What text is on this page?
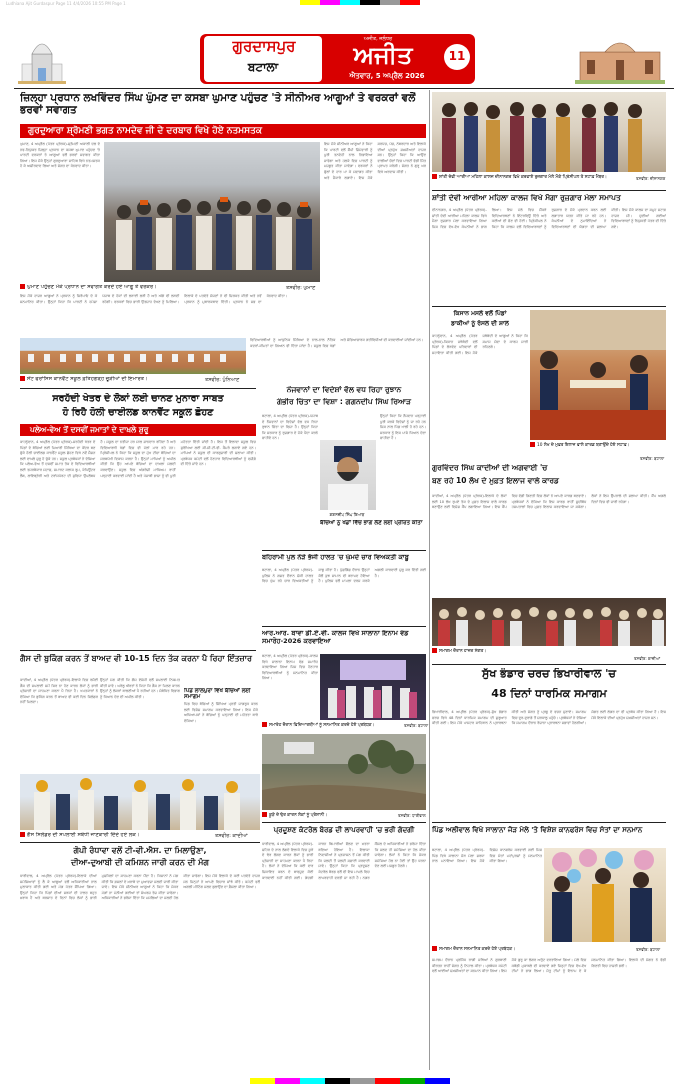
Ludhiana Ajit Gurdaspur Page 11 4/4/2026 10:55 PM Page 1
ਗੁਰਦਾਸਪੁਰ
ਬਟਾਲਾ
ਅਜੀਤ, ਜਲੰਧਰ
ਅਜੀਤ
ਐਤਵਾਰ, 5 ਅਪ੍ਰੈਲ 2026
11
ਜ਼ਿਲ੍ਹਾ ਪ੍ਰਧਾਨ ਲਖਵਿੰਦਰ ਸਿੰਘ ਘੁੰਮਣ ਦਾ ਕਸਬਾ ਘੁਮਾਣ ਪਹੁੰਚਣ 'ਤੇ ਸੀਨੀਅਰ ਆਗੂਆਂ ਤੇ ਵਰਕਰਾਂ ਵਲੋਂ ਭਰਵਾਂ ਸਵਾਗਤ
ਗੁਰਦੁਆਰਾ ਸ਼੍ਰੋਮਣੀ ਭਗਤ ਨਾਮਦੇਵ ਜੀ ਦੇ ਦਰਬਾਰ ਵਿਖੇ ਹੋਏ ਨਤਮਸਤਕ
ਘੁਮਾਣ, 4 ਅਪ੍ਰੈਲ (ਪੱਤਰ ਪ੍ਰੇਰਕ)-ਸ਼੍ਰੋਮਣੀ ਅਕਾਲੀ ਦਲ ਦੇ ਨਵ-ਨਿਯੁਕਤ ਜ਼ਿਲ੍ਹਾ ਪ੍ਰਧਾਨ ਦਾ ਕਸਬਾ ਘੁਮਾਣ ਪਹੁੰਚਣ 'ਤੇ ਪਾਰਟੀ ਵਰਕਰਾਂ ਤੇ ਆਗੂਆਂ ਵਲੋਂ ਭਰਵਾਂ ਸਵਾਗਤ ਕੀਤਾ ਗਿਆ। ਇਸ ਮੌਕੇ ਉਨ੍ਹਾਂ ਗੁਰਦੁਆਰਾ ਸਾਹਿਬ ਵਿਖੇ ਨਤਮਸਤਕ ਹੋ ਕੇ ਅਸ਼ੀਰਵਾਦ ਲਿਆ ਅਤੇ ਸੰਗਤ ਦਾ ਧੰਨਵਾਦ ਕੀਤਾ।
ਇਸ ਮੌਕੇ ਸੀਨੀਅਰ ਆਗੂਆਂ ਨੇ ਕਿਹਾ ਕਿ ਪਾਰਟੀ ਵਲੋਂ ਸੌਂਪੀ ਜ਼ਿੰਮੇਵਾਰੀ ਨੂੰ ਪੂਰੀ ਤਨਦੇਹੀ ਨਾਲ ਨਿਭਾਇਆ ਜਾਵੇਗਾ ਅਤੇ ਹਲਕੇ ਵਿਚ ਪਾਰਟੀ ਨੂੰ ਮਜ਼ਬੂਤ ਕੀਤਾ ਜਾਵੇਗਾ। ਵਰਕਰਾਂ ਨੇ ਫੁੱਲਾਂ ਦੇ ਹਾਰ ਪਾ ਕੇ ਸਵਾਗਤ ਕੀਤਾ ਅਤੇ ਜੈਕਾਰੇ ਲਗਾਏ। ਇਸ ਮੌਕੇ ਸਰਪੰਚ, ਪੰਚ, ਨੰਬਰਦਾਰ ਅਤੇ ਇਲਾਕੇ ਦੀਆਂ ਪ੍ਰਮੁੱਖ ਸ਼ਖ਼ਸੀਅਤਾਂ ਹਾਜ਼ਰ ਸਨ। ਉਨ੍ਹਾਂ ਕਿਹਾ ਕਿ ਆਉਣ ਵਾਲੀਆਂ ਚੋਣਾਂ ਵਿਚ ਪਾਰਟੀ ਵੱਡੀ ਜਿੱਤ ਪ੍ਰਾਪਤ ਕਰੇਗੀ। ਸੰਗਤ ਨੇ ਗੁਰੂ ਘਰ ਵਿਖੇ ਅਰਦਾਸ ਕੀਤੀ।
ਘੁਮਾਣ ਪਹੁੰਚਣ ਮੌਕੇ ਪ੍ਰਧਾਨ ਦਾ ਸਵਾਗਤ ਕਰਦੇ ਹੋਏ ਆਗੂ ਤੇ ਵਰਕਰ।	ਤਸਵੀਰ: ਘੁਮਾਣ
ਇਸ ਮੌਕੇ ਹਾਜ਼ਰ ਆਗੂਆਂ ਨੇ ਪ੍ਰਧਾਨ ਨੂੰ ਸਿਰੋਪਾਓ ਦੇ ਕੇ ਸਨਮਾਨਿਤ ਕੀਤਾ। ਉਨ੍ਹਾਂ ਕਿਹਾ ਕਿ ਪਾਰਟੀ ਨੇ ਹਮੇਸ਼ਾ ਪੰਜਾਬ ਦੇ ਹੱਕਾਂ ਦੀ ਲੜਾਈ ਲੜੀ ਹੈ ਅਤੇ ਅੱਗੇ ਵੀ ਲੜਦੀ ਰਹੇਗੀ। ਵਰਕਰਾਂ ਵਿਚ ਭਾਰੀ ਉਤਸ਼ਾਹ ਦੇਖਣ ਨੂੰ ਮਿਲਿਆ। ਇਲਾਕੇ ਦੇ ਪਤਵੰਤੇ ਸੱਜਣਾਂ ਨੇ ਵੀ ਸ਼ਿਰਕਤ ਕੀਤੀ ਅਤੇ ਨਵੇਂ ਪ੍ਰਧਾਨ ਨੂੰ ਮੁਬਾਰਕਬਾਦ ਦਿੱਤੀ। ਪ੍ਰਧਾਨ ਨੇ ਸਭ ਦਾ ਧੰਨਵਾਦ ਕੀਤਾ।
ਵਿਦਿਆਰਥੀਆਂ ਨੂੰ ਆਧੁਨਿਕ ਸਿੱਖਿਆ ਦੇ ਨਾਲ-ਨਾਲ ਨੈਤਿਕ ਕਦਰਾਂ-ਕੀਮਤਾਂ ਦਾ ਗਿਆਨ ਵੀ ਦਿੱਤਾ ਜਾਂਦਾ ਹੈ। ਸਕੂਲ ਵਿਚ ਖੇਡਾਂ ਅਤੇ ਸੱਭਿਆਚਾਰਕ ਗਤੀਵਿਧੀਆਂ ਵੀ ਕਰਵਾਈਆਂ ਜਾਂਦੀਆਂ ਹਨ।
ਸੇਂਟ ਫਰਾਂਸਿਸ ਕਾਨਵੈਂਟ ਸਕੂਲ ਫ਼ਤਿਹਗੜ੍ਹ ਚੂੜੀਆਂ ਦੀ ਇਮਾਰਤ।	ਤਸਵੀਰ: ਪੁੰਨਿਆਣ
ਸਰਹੱਦੀ ਖੇਤਰ ਦੇ ਲੋਕਾਂ ਲਈ ਚਾਨਣ ਮੁਨਾਰਾ ਸਾਬਤ
ਹੋ ਰਿਹੈ ਹੋਲੀ ਚਾਈਲਡ ਕਾਨਵੈਂਟ ਸਕੂਲ ਛੋਹਣ
ਪਲੇਅ-ਵੇਅ ਤੋਂ ਦਸਵੀਂ ਜਮਾਤਾਂ ਦੇ ਦਾਖ਼ਲੇ ਸ਼ੁਰੂ
ਕਾਹਨੂੰਵਾਨ, 4 ਅਪ੍ਰੈਲ (ਪੱਤਰ ਪ੍ਰੇਰਕ)-ਸਰਹੱਦੀ ਖੇਤਰ ਦੇ ਪਿੰਡਾਂ ਦੇ ਬੱਚਿਆਂ ਲਈ ਮਿਆਰੀ ਸਿੱਖਿਆ ਦਾ ਕੇਂਦਰ ਬਣ ਚੁੱਕੇ ਹੋਲੀ ਚਾਈਲਡ ਕਾਨਵੈਂਟ ਸਕੂਲ ਛੋਹਣ ਵਿਖੇ ਨਵੇਂ ਸੈਸ਼ਨ ਲਈ ਦਾਖ਼ਲੇ ਸ਼ੁਰੂ ਹੋ ਚੁੱਕੇ ਹਨ। ਸਕੂਲ ਪ੍ਰਬੰਧਕਾਂ ਨੇ ਦੱਸਿਆ ਕਿ ਪਲੇਅ-ਵੇਅ ਤੋਂ ਦਸਵੀਂ ਜਮਾਤ ਤੱਕ ਦੇ ਵਿਦਿਆਰਥੀਆਂ ਲਈ ਤਜਰਬੇਕਾਰ ਸਟਾਫ਼, ਸਮਾਰਟ ਕਲਾਸ ਰੂਮ, ਕੰਪਿਊਟਰ ਲੈਬ, ਲਾਇਬ੍ਰੇਰੀ ਅਤੇ ਟਰਾਂਸਪੋਰਟ ਦੀ ਸੁਵਿਧਾ ਉਪਲੱਬਧ ਹੈ। ਸਕੂਲ ਦਾ ਨਤੀਜਾ ਹਰ ਸਾਲ ਸ਼ਾਨਦਾਰ ਰਹਿੰਦਾ ਹੈ ਅਤੇ ਵਿਦਿਆਰਥੀ ਖੇਡਾਂ ਵਿਚ ਵੀ ਮੱਲਾਂ ਮਾਰ ਰਹੇ ਹਨ। ਪ੍ਰਿੰਸੀਪਲ ਨੇ ਕਿਹਾ ਕਿ ਸਕੂਲ ਦਾ ਮੁੱਖ ਟੀਚਾ ਬੱਚਿਆਂ ਦਾ ਸਰਬਪੱਖੀ ਵਿਕਾਸ ਕਰਨਾ ਹੈ। ਉਨ੍ਹਾਂ ਮਾਪਿਆਂ ਨੂੰ ਅਪੀਲ ਕੀਤੀ ਕਿ ਉਹ ਆਪਣੇ ਬੱਚਿਆਂ ਦਾ ਦਾਖ਼ਲਾ ਜਲਦੀ ਕਰਵਾਉਣ। ਸਕੂਲ ਵਿਚ ਅੰਗਰੇਜ਼ੀ ਮਾਧਿਅਮ ਰਾਹੀਂ ਪੜ੍ਹਾਈ ਕਰਵਾਈ ਜਾਂਦੀ ਹੈ ਅਤੇ ਪੰਜਾਬੀ ਭਾਸ਼ਾ ਨੂੰ ਵੀ ਪੂਰੀ ਮਹੱਤਤਾ ਦਿੱਤੀ ਜਾਂਦੀ ਹੈ। ਇਸ ਤੋਂ ਇਲਾਵਾ ਸਕੂਲ ਵਿਚ ਸੁਰੱਖਿਆ ਲਈ ਸੀ.ਸੀ.ਟੀ.ਵੀ. ਕੈਮਰੇ ਲਗਾਏ ਗਏ ਹਨ। ਮਾਪਿਆਂ ਨੇ ਸਕੂਲ ਦੀ ਕਾਰਗੁਜ਼ਾਰੀ ਦੀ ਸ਼ਲਾਘਾ ਕੀਤੀ। ਪ੍ਰਬੰਧਕ ਕਮੇਟੀ ਵਲੋਂ ਹੋਣਹਾਰ ਵਿਦਿਆਰਥੀਆਂ ਨੂੰ ਵਜ਼ੀਫ਼ੇ ਵੀ ਦਿੱਤੇ ਜਾਂਦੇ ਹਨ।
ਗੈਸ ਦੀ ਬੁਕਿੰਗ ਕਰਨ ਤੋਂ ਬਾਅਦ ਵੀ 10-15 ਦਿਨ ਤੱਕ ਕਰਨਾ ਪੈ ਰਿਹਾ ਇੰਤਜ਼ਾਰ
ਕਾਦੀਆਂ, 4 ਅਪ੍ਰੈਲ (ਪੱਤਰ ਪ੍ਰੇਰਕ)-ਇਲਾਕੇ ਵਿਚ ਰਸੋਈ ਗੈਸ ਦੀ ਸਪਲਾਈ ਸਮੇਂ ਸਿਰ ਨਾ ਹੋਣ ਕਾਰਨ ਲੋਕਾਂ ਨੂੰ ਭਾਰੀ ਪ੍ਰੇਸ਼ਾਨੀ ਦਾ ਸਾਹਮਣਾ ਕਰਨਾ ਪੈ ਰਿਹਾ ਹੈ। ਖਪਤਕਾਰਾਂ ਨੇ ਦੱਸਿਆ ਕਿ ਬੁਕਿੰਗ ਕਰਨ ਤੋਂ ਬਾਅਦ ਵੀ ਕਈ ਦਿਨ ਸਿਲੰਡਰ ਨਹੀਂ ਮਿਲਦਾ।
ਉਨ੍ਹਾਂ ਮੰਗ ਕੀਤੀ ਕਿ ਗੈਸ ਏਜੰਸੀ ਵਲੋਂ ਸਪਲਾਈ ਨਿਯਮਤ ਕੀਤੀ ਜਾਵੇ। ਘਰੇਲੂ ਔਰਤਾਂ ਨੇ ਕਿਹਾ ਕਿ ਗੈਸ ਨਾ ਮਿਲਣ ਕਾਰਨ ਉਨ੍ਹਾਂ ਨੂੰ ਲੱਕੜਾਂ ਬਾਲਣੀਆਂ ਪੈ ਰਹੀਆਂ ਹਨ। ਸੰਬੰਧਿਤ ਵਿਭਾਗ ਨੂੰ ਧਿਆਨ ਦੇਣ ਦੀ ਅਪੀਲ ਕੀਤੀ।
ਪਿੰਡ ਲਾਲਪੁਰਾ ਵਿਖੇ ਬੱਚਿਆਂ ਲਈ ਸਮਾਗਮ
ਪਿੰਡ ਵਿਚ ਬੱਚਿਆਂ ਨੂੰ ਸਿੱਖਿਆ ਪ੍ਰਤੀ ਜਾਗਰੂਕ ਕਰਨ ਲਈ ਵਿਸ਼ੇਸ਼ ਸਮਾਗਮ ਕਰਵਾਇਆ ਗਿਆ। ਇਸ ਮੌਕੇ ਅਧਿਆਪਕਾਂ ਨੇ ਬੱਚਿਆਂ ਨੂੰ ਪੜ੍ਹਾਈ ਦੀ ਮਹੱਤਤਾ ਬਾਰੇ ਦੱਸਿਆ।
ਗੈਸ ਸਿਲੰਡਰ ਦੀ ਸਪਲਾਈ ਸਬੰਧੀ ਜਾਣਕਾਰੀ ਦਿੰਦੇ ਹੋਏ ਲੋਕ।	ਤਸਵੀਰ: ਕਾਦੀਆਂ
ਗੋਪੀ ਰੰਧਾਵਾ ਵਲੋਂ ਟੀ-ਵੀ.ਐਸ. ਦਾ ਮਿਲਾਉਣਾ,
ਦੀਆ-ਦੁਆਬੀ ਦੀ ਕਮਿਸ਼ਨ ਜਾਰੀ ਕਰਨ ਦੀ ਮੰਗ
ਧਾਰੀਵਾਲ, 4 ਅਪ੍ਰੈਲ (ਪੱਤਰ ਪ੍ਰੇਰਕ)-ਇਲਾਕੇ ਦੀਆਂ ਸਮੱਸਿਆਵਾਂ ਨੂੰ ਲੈ ਕੇ ਆਗੂਆਂ ਵਲੋਂ ਅਧਿਕਾਰੀਆਂ ਨਾਲ ਮੁਲਾਕਾਤ ਕੀਤੀ ਗਈ ਅਤੇ ਮੰਗ ਪੱਤਰ ਸੌਂਪਿਆ ਗਿਆ। ਉਨ੍ਹਾਂ ਕਿਹਾ ਕਿ ਪਿੰਡਾਂ ਦੀਆਂ ਸੜਕਾਂ ਦੀ ਹਾਲਤ ਬਹੁਤ ਖ਼ਰਾਬ ਹੈ ਅਤੇ ਬਰਸਾਤ ਦੇ ਦਿਨਾਂ ਵਿਚ ਲੋਕਾਂ ਨੂੰ ਭਾਰੀ ਮੁਸ਼ਕਿਲਾਂ ਦਾ ਸਾਹਮਣਾ ਕਰਨਾ ਪੈਂਦਾ ਹੈ। ਕਿਸਾਨਾਂ ਨੇ ਮੰਗ ਕੀਤੀ ਕਿ ਫ਼ਸਲਾਂ ਦੇ ਖ਼ਰਾਬੇ ਦਾ ਮੁਆਵਜ਼ਾ ਜਲਦੀ ਜਾਰੀ ਕੀਤਾ ਜਾਵੇ। ਇਸ ਮੌਕੇ ਸੀਨੀਅਰ ਆਗੂਆਂ ਨੇ ਕਿਹਾ ਕਿ ਜੇਕਰ ਮੰਗਾਂ ਨਾ ਮੰਨੀਆਂ ਗਈਆਂ ਤਾਂ ਸੰਘਰਸ਼ ਤੇਜ਼ ਕੀਤਾ ਜਾਵੇਗਾ। ਅਧਿਕਾਰੀਆਂ ਨੇ ਭਰੋਸਾ ਦਿੱਤਾ ਕਿ ਮਸਲਿਆਂ ਦਾ ਜਲਦੀ ਹੱਲ ਕੀਤਾ ਜਾਵੇਗਾ। ਇਸ ਮੌਕੇ ਇਲਾਕੇ ਦੇ ਕਈ ਪਤਵੰਤੇ ਹਾਜ਼ਰ ਸਨ ਜਿਨ੍ਹਾਂ ਨੇ ਆਪਣੇ ਵਿਚਾਰ ਸਾਂਝੇ ਕੀਤੇ। ਕਮੇਟੀ ਵਲੋਂ ਅਗਲੀ ਮੀਟਿੰਗ ਜਲਦ ਬੁਲਾਉਣ ਦਾ ਫ਼ੈਸਲਾ ਕੀਤਾ ਗਿਆ।
ਨੌਜਵਾਨਾਂ ਦਾ ਵਿਦੇਸ਼ਾਂ ਵੱਲ ਵਧ ਰਿਹਾ ਰੁਝਾਨ
ਗੰਭੀਰ ਚਿੰਤਾ ਦਾ ਵਿਸ਼ਾ : ਗਗਨਦੀਪ ਸਿੰਘ ਰਿਆੜ
ਬਟਾਲਾ, 4 ਅਪ੍ਰੈਲ (ਪੱਤਰ ਪ੍ਰੇਰਕ)-ਪੰਜਾਬ ਦੇ ਨੌਜਵਾਨਾਂ ਦਾ ਵਿਦੇਸ਼ਾਂ ਵੱਲ ਵਧ ਰਿਹਾ ਰੁਝਾਨ ਚਿੰਤਾ ਦਾ ਵਿਸ਼ਾ ਹੈ। ਉਨ੍ਹਾਂ ਕਿਹਾ ਕਿ ਸਰਕਾਰ ਨੂੰ ਰੁਜ਼ਗਾਰ ਦੇ ਮੌਕੇ ਪੈਦਾ ਕਰਨੇ ਚਾਹੀਦੇ ਹਨ।
ਗਗਨਦੀਪ ਸਿੰਘ ਰਿਆੜ
ਉਨ੍ਹਾਂ ਕਿਹਾ ਕਿ ਨੌਜਵਾਨ ਪੜ੍ਹਾਈ ਪੂਰੀ ਕਰਕੇ ਵਿਦੇਸ਼ਾਂ ਨੂੰ ਜਾ ਰਹੇ ਹਨ ਜਿਸ ਨਾਲ ਪਿੰਡ ਖਾਲੀ ਹੋ ਰਹੇ ਹਨ। ਸਰਕਾਰ ਨੂੰ ਇਸ ਪਾਸੇ ਧਿਆਨ ਦੇਣਾ ਚਾਹੀਦਾ ਹੈ।
ਬੱਚਿਆਂ ਨੂੰ ਖੇਡਾਂ ਵਿੱਚ ਭਾਗ ਲੈਣ ਲਈ ਪ੍ਰੇਰਿਤ ਕੀਤਾ
ਬਹਿਰਾਮੀ ਪੁਲ ਨੇੜੇ ਭੱਜੀ ਹਾਲਤ 'ਚ ਘੁੰਮਦੇ ਚਾਰ ਵਿਅਕਤੀ ਕਾਬੂ
ਬਟਾਲਾ, 4 ਅਪ੍ਰੈਲ (ਪੱਤਰ ਪ੍ਰੇਰਕ)-ਪੁਲਿਸ ਨੇ ਗਸ਼ਤ ਦੌਰਾਨ ਸ਼ੱਕੀ ਹਾਲਤ ਵਿਚ ਘੁੰਮ ਰਹੇ ਚਾਰ ਵਿਅਕਤੀਆਂ ਨੂੰ ਕਾਬੂ ਕੀਤਾ ਹੈ। ਪੁੱਛਗਿੱਛ ਦੌਰਾਨ ਉਨ੍ਹਾਂ ਕੋਲੋਂ ਕੁਝ ਸਾਮਾਨ ਵੀ ਬਰਾਮਦ ਹੋਇਆ ਹੈ। ਪੁਲਿਸ ਵਲੋਂ ਮਾਮਲਾ ਦਰਜ ਕਰਕੇ ਅਗਲੀ ਕਾਰਵਾਈ ਸ਼ੁਰੂ ਕਰ ਦਿੱਤੀ ਗਈ ਹੈ।
ਆਰ.ਆਰ. ਬਾਵਾ ਡੀ.ਏ.ਵੀ. ਕਾਲਜ ਵਿਖੇ ਸਾਲਾਨਾ ਇਨਾਮ ਵੰਡ ਸਮਾਰੋਹ-2026 ਕਰਵਾਇਆ
ਬਟਾਲਾ, 4 ਅਪ੍ਰੈਲ (ਪੱਤਰ ਪ੍ਰੇਰਕ)-ਕਾਲਜ ਵਿਖੇ ਸਾਲਾਨਾ ਇਨਾਮ ਵੰਡ ਸਮਾਰੋਹ ਕਰਵਾਇਆ ਗਿਆ ਜਿਸ ਵਿਚ ਹੋਣਹਾਰ ਵਿਦਿਆਰਥੀਆਂ ਨੂੰ ਸਨਮਾਨਿਤ ਕੀਤਾ ਗਿਆ।
ਸਮਾਰੋਹ ਦੌਰਾਨ ਵਿਦਿਆਰਥੀਆਂ ਨੂੰ ਸਨਮਾਨਿਤ ਕਰਦੇ ਹੋਏ ਪ੍ਰਬੰਧਕ।	ਤਸਵੀਰ: ਬਟਾਲਾ
ਕੂੜੇ ਦੇ ਢੇਰ ਕਾਰਨ ਲੋਕਾਂ ਨੂੰ ਪ੍ਰੇਸ਼ਾਨੀ।	ਤਸਵੀਰ: ਧਾਰੀਵਾਲ
ਪ੍ਰਦੂਸ਼ਣ ਕੰਟਰੋਲ ਬੋਰਡ ਦੀ ਲਾਪਰਵਾਹੀ 'ਚ ਭਰੀ ਗੰਦਗੀ
ਧਾਰੀਵਾਲ, 4 ਅਪ੍ਰੈਲ (ਪੱਤਰ ਪ੍ਰੇਰਕ)-ਸ਼ਹਿਰ ਦੇ ਨਾਲ ਲੱਗਦੇ ਇਲਾਕੇ ਵਿਚ ਕੂੜੇ ਦੇ ਢੇਰ ਲੱਗਣ ਕਾਰਨ ਲੋਕਾਂ ਨੂੰ ਭਾਰੀ ਪ੍ਰੇਸ਼ਾਨੀ ਦਾ ਸਾਹਮਣਾ ਕਰਨਾ ਪੈ ਰਿਹਾ ਹੈ। ਲੋਕਾਂ ਨੇ ਦੱਸਿਆ ਕਿ ਕਈ ਵਾਰ ਸ਼ਿਕਾਇਤ ਕਰਨ ਦੇ ਬਾਵਜੂਦ ਕੋਈ ਕਾਰਵਾਈ ਨਹੀਂ ਕੀਤੀ ਗਈ। ਗੰਦਗੀ ਕਾਰਨ ਬਿਮਾਰੀਆਂ ਫੈਲਣ ਦਾ ਖ਼ਤਰਾ ਬਣਿਆ ਹੋਇਆ ਹੈ। ਇਲਾਕਾ ਨਿਵਾਸੀਆਂ ਨੇ ਪ੍ਰਸ਼ਾਸਨ ਤੋਂ ਮੰਗ ਕੀਤੀ ਕਿ ਜਲਦੀ ਤੋਂ ਜਲਦੀ ਸਫ਼ਾਈ ਕਰਵਾਈ ਜਾਵੇ। ਉਨ੍ਹਾਂ ਕਿਹਾ ਕਿ ਪ੍ਰਦੂਸ਼ਣ ਕੰਟਰੋਲ ਬੋਰਡ ਵਲੋਂ ਵੀ ਇਸ ਮਾਮਲੇ ਵਿਚ ਲਾਪਰਵਾਹੀ ਵਰਤੀ ਜਾ ਰਹੀ ਹੈ। ਨਗਰ ਕੌਂਸਲ ਦੇ ਅਧਿਕਾਰੀਆਂ ਨੇ ਭਰੋਸਾ ਦਿੱਤਾ ਕਿ ਜਲਦ ਹੀ ਸਮੱਸਿਆ ਦਾ ਹੱਲ ਕੀਤਾ ਜਾਵੇਗਾ। ਲੋਕਾਂ ਨੇ ਕਿਹਾ ਕਿ ਜੇਕਰ ਸਮੱਸਿਆ ਹੱਲ ਨਾ ਹੋਈ ਤਾਂ ਉਹ ਧਰਨਾ ਦੇਣ ਲਈ ਮਜਬੂਰ ਹੋਣਗੇ।
ਸ਼ਾਂਤੀ ਦੇਵੀ ਆਰੀਆ ਮਹਿਲਾ ਕਾਲਜ ਦੀਨਾਨਗਰ ਵਿਖੇ ਕਰਵਾਏ ਰੁਜ਼ਗਾਰ ਮੇਲੇ ਮੌਕੇ ਪ੍ਰਿੰਸੀਪਲ ਤੇ ਸਟਾਫ਼ ਮੈਂਬਰ।	ਤਸਵੀਰ: ਦੀਨਾਨਗਰ
ਸ਼ਾਂਤੀ ਦੇਵੀ ਆਰੀਆ ਮਹਿਲਾ ਕਾਲਜ ਵਿਖੇ ਮੈਗਾ ਰੁਜ਼ਗਾਰ ਮੇਲਾ ਸਮਾਪਤ
ਦੀਨਾਨਗਰ, 4 ਅਪ੍ਰੈਲ (ਪੱਤਰ ਪ੍ਰੇਰਕ)-ਸ਼ਾਂਤੀ ਦੇਵੀ ਆਰੀਆ ਮਹਿਲਾ ਕਾਲਜ ਵਿਖੇ ਮੈਗਾ ਰੁਜ਼ਗਾਰ ਮੇਲਾ ਕਰਵਾਇਆ ਗਿਆ ਜਿਸ ਵਿਚ ਵੱਖ-ਵੱਖ ਕੰਪਨੀਆਂ ਨੇ ਭਾਗ ਲਿਆ। ਇਸ ਮੇਲੇ ਵਿਚ ਸੈਂਕੜੇ ਵਿਦਿਆਰਥਣਾਂ ਨੇ ਇੰਟਰਵਿਊ ਦਿੱਤੇ ਅਤੇ ਕਈਆਂ ਦੀ ਚੋਣ ਵੀ ਹੋਈ। ਪ੍ਰਿੰਸੀਪਲ ਨੇ ਕਿਹਾ ਕਿ ਕਾਲਜ ਵਲੋਂ ਵਿਦਿਆਰਥਣਾਂ ਨੂੰ ਰੁਜ਼ਗਾਰ ਦੇ ਮੌਕੇ ਪ੍ਰਦਾਨ ਕਰਨ ਲਈ ਲਗਾਤਾਰ ਯਤਨ ਕੀਤੇ ਜਾ ਰਹੇ ਹਨ। ਕੰਪਨੀਆਂ ਦੇ ਨੁਮਾਇੰਦਿਆਂ ਨੇ ਵਿਦਿਆਰਥਣਾਂ ਦੀ ਯੋਗਤਾ ਦੀ ਸ਼ਲਾਘਾ ਕੀਤੀ। ਇਸ ਮੌਕੇ ਕਾਲਜ ਦਾ ਸਮੂਹ ਸਟਾਫ਼ ਹਾਜ਼ਰ ਸੀ। ਚੁਣੀਆਂ ਗਈਆਂ ਵਿਦਿਆਰਥਣਾਂ ਨੂੰ ਨਿਯੁਕਤੀ ਪੱਤਰ ਵੀ ਦਿੱਤੇ ਗਏ।
ਕਿਸਾਨ ਮਸਲੇ ਵਲੋਂ ਪਿੰਡਾਂ
ਡਾਕੀਆਂ ਨੂੰ ਰੋਸਲ ਦੀ ਸ਼ਾਲ
ਕਾਹਨੂੰਵਾਨ, 4 ਅਪ੍ਰੈਲ (ਪੱਤਰ ਪ੍ਰੇਰਕ)-ਕਿਸਾਨ ਜਥੇਬੰਦੀ ਵਲੋਂ ਪਿੰਡਾਂ ਦੇ ਲੋੜਵੰਦ ਪਰਿਵਾਰਾਂ ਦੀ ਸਹਾਇਤਾ ਕੀਤੀ ਗਈ। ਇਸ ਮੌਕੇ ਜਥੇਬੰਦੀ ਦੇ ਆਗੂਆਂ ਨੇ ਕਿਹਾ ਕਿ ਸਮਾਜ ਸੇਵਾ ਦੇ ਕਾਰਜ ਜਾਰੀ ਰਹਿਣਗੇ।
10 ਲੱਖ ਦੇ ਮੁਫ਼ਤ ਇਲਾਜ ਵਾਲੇ ਕਾਰਡ ਬਣਾਉਂਦੇ ਹੋਏ ਸਟਾਫ਼।
ਤਸਵੀਰ: ਬਟਾਲਾ
ਗੁਰਵਿੰਦਰ ਸਿੰਘ ਕਾਦੀਆਂ ਦੀ ਅਗਵਾਈ 'ਚ
ਬਣ ਰਹੇ 10 ਲੱਖ ਦੇ ਮੁਫ਼ਤ ਇਲਾਜ ਵਾਲੇ ਕਾਰਡ
ਕਾਦੀਆਂ, 4 ਅਪ੍ਰੈਲ (ਪੱਤਰ ਪ੍ਰੇਰਕ)-ਇਲਾਕੇ ਦੇ ਲੋਕਾਂ ਲਈ 10 ਲੱਖ ਰੁਪਏ ਤੱਕ ਦੇ ਮੁਫ਼ਤ ਇਲਾਜ ਵਾਲੇ ਕਾਰਡ ਬਣਾਉਣ ਲਈ ਵਿਸ਼ੇਸ਼ ਕੈਂਪ ਲਗਾਇਆ ਗਿਆ। ਇਸ ਕੈਂਪ ਵਿਚ ਵੱਡੀ ਗਿਣਤੀ ਵਿਚ ਲੋਕਾਂ ਨੇ ਆਪਣੇ ਕਾਰਡ ਬਣਵਾਏ। ਪ੍ਰਬੰਧਕਾਂ ਨੇ ਦੱਸਿਆ ਕਿ ਇਸ ਕਾਰਡ ਰਾਹੀਂ ਸੂਚੀਬੱਧ ਹਸਪਤਾਲਾਂ ਵਿਚ ਮੁਫ਼ਤ ਇਲਾਜ ਕਰਵਾਇਆ ਜਾ ਸਕੇਗਾ। ਲੋਕਾਂ ਨੇ ਇਸ ਉਪਰਾਲੇ ਦੀ ਸ਼ਲਾਘਾ ਕੀਤੀ। ਕੈਂਪ ਅਗਲੇ ਦਿਨਾਂ ਵਿਚ ਵੀ ਜਾਰੀ ਰਹੇਗਾ।
ਸਮਾਗਮ ਦੌਰਾਨ ਹਾਜ਼ਰ ਸੰਗਤ।
ਤਸਵੀਰ: ਕਾਦੀਆਂ
ਸੁੱਖ ਭੰਡਾਰ ਚਰਚ ਭਿਖਾਰੀਵਾਲ 'ਚ
48 ਦਿਨਾਂ ਧਾਰਮਿਕ ਸਮਾਗਮ
ਭਿਖਾਰੀਵਾਲ, 4 ਅਪ੍ਰੈਲ (ਪੱਤਰ ਪ੍ਰੇਰਕ)-ਸੁੱਖ ਭੰਡਾਰ ਚਰਚ ਵਿਖੇ 48 ਦਿਨਾਂ ਧਾਰਮਿਕ ਸਮਾਗਮ ਦੀ ਸ਼ੁਰੂਆਤ ਕੀਤੀ ਗਈ। ਇਸ ਮੌਕੇ ਪਾਸਟਰ ਸਾਹਿਬਾਨ ਨੇ ਪ੍ਰਾਰਥਨਾ ਕੀਤੀ ਅਤੇ ਸੰਗਤ ਨੂੰ ਪ੍ਰਭੂ ਦੇ ਵਚਨ ਸੁਣਾਏ। ਸਮਾਗਮ ਵਿਚ ਦੂਰ-ਦੁਰਾਡੇ ਤੋਂ ਸ਼ਰਧਾਲੂ ਪਹੁੰਚੇ। ਪ੍ਰਬੰਧਕਾਂ ਨੇ ਦੱਸਿਆ ਕਿ ਸਮਾਗਮ ਦੌਰਾਨ ਰੋਜ਼ਾਨਾ ਪ੍ਰਾਰਥਨਾ ਸਭਾਵਾਂ ਹੋਣਗੀਆਂ। ਸੰਗਤ ਲਈ ਲੰਗਰ ਦਾ ਵੀ ਪ੍ਰਬੰਧ ਕੀਤਾ ਗਿਆ ਹੈ। ਇਸ ਮੌਕੇ ਇਲਾਕੇ ਦੀਆਂ ਪ੍ਰਮੁੱਖ ਸ਼ਖ਼ਸੀਅਤਾਂ ਹਾਜ਼ਰ ਸਨ।
ਪਿੰਡ ਅਲੀਵਾਲ ਵਿਖੇ ਸਾਲਾਨਾ ਜੋੜ ਮੇਲੇ 'ਤੇ ਵਿਸ਼ੇਸ਼ ਕਾਨਫਰੰਸ ਵਿਚ ਸੰਤਾਂ ਦਾ ਸਨਮਾਨ
ਬਟਾਲਾ, 4 ਅਪ੍ਰੈਲ (ਪੱਤਰ ਪ੍ਰੇਰਕ)-ਪਿੰਡ ਵਿਖੇ ਸਾਲਾਨਾ ਜੋੜ ਮੇਲਾ ਸ਼ਰਧਾ ਨਾਲ ਮਨਾਇਆ ਗਿਆ। ਇਸ ਮੌਕੇ ਵਿਸ਼ੇਸ਼ ਕਾਨਫਰੰਸ ਕਰਵਾਈ ਗਈ ਜਿਸ ਵਿਚ ਸੰਤਾਂ ਮਹਾਂਪੁਰਸ਼ਾਂ ਨੂੰ ਸਨਮਾਨਿਤ ਕੀਤਾ ਗਿਆ।
ਸਮਾਗਮ ਦੌਰਾਨ ਸਨਮਾਨਿਤ ਕਰਦੇ ਹੋਏ ਪ੍ਰਬੰਧਕ।	ਤਸਵੀਰ: ਬਟਾਲਾ
ਸਮਾਗਮ ਦੌਰਾਨ ਪ੍ਰਸਿੱਧ ਰਾਗੀ ਜਥਿਆਂ ਨੇ ਗੁਰਬਾਣੀ ਕੀਰਤਨ ਰਾਹੀਂ ਸੰਗਤ ਨੂੰ ਨਿਹਾਲ ਕੀਤਾ। ਪ੍ਰਬੰਧਕ ਕਮੇਟੀ ਵਲੋਂ ਆਈਆਂ ਸ਼ਖ਼ਸੀਅਤਾਂ ਦਾ ਸਨਮਾਨ ਕੀਤਾ ਗਿਆ। ਇਸ ਮੌਕੇ ਗੁਰੂ ਕਾ ਲੰਗਰ ਅਤੁੱਟ ਵਰਤਾਇਆ ਗਿਆ। ਮੇਲੇ ਵਿਚ ਕਬੱਡੀ ਮੁਕਾਬਲੇ ਵੀ ਕਰਵਾਏ ਗਏ ਜਿਨ੍ਹਾਂ ਵਿਚ ਵੱਖ-ਵੱਖ ਟੀਮਾਂ ਨੇ ਭਾਗ ਲਿਆ। ਜੇਤੂ ਟੀਮਾਂ ਨੂੰ ਇਨਾਮ ਦੇ ਕੇ ਸਨਮਾਨਿਤ ਕੀਤਾ ਗਿਆ। ਇਲਾਕੇ ਦੀ ਸੰਗਤ ਨੇ ਵੱਡੀ ਗਿਣਤੀ ਵਿਚ ਹਾਜ਼ਰੀ ਭਰੀ।
